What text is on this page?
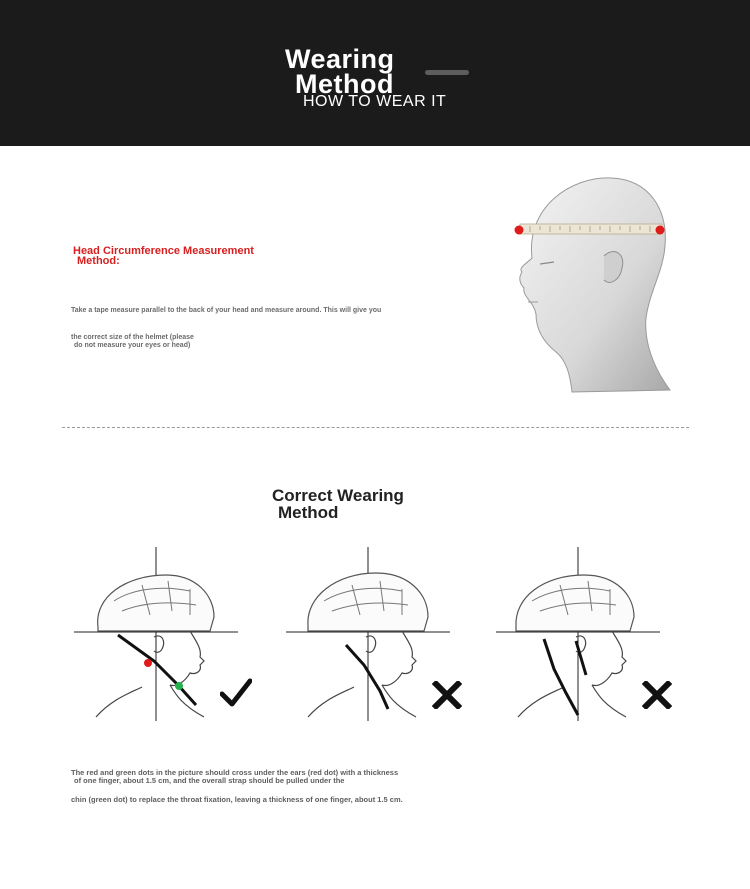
Wearing
Method
HOW TO WEAR IT
Head Circumference Measurement
Method:
Take a tape measure parallel to the back of your head and measure around. This will give you
the correct size of the helmet (please
do not measure your eyes or head)
Correct Wearing
Method
The red and green dots in the picture should cross under the ears (red dot) with a thickness
of one finger, about 1.5 cm, and the overall strap should be pulled under the
chin (green dot) to replace the throat fixation, leaving a thickness of one finger, about 1.5 cm.
